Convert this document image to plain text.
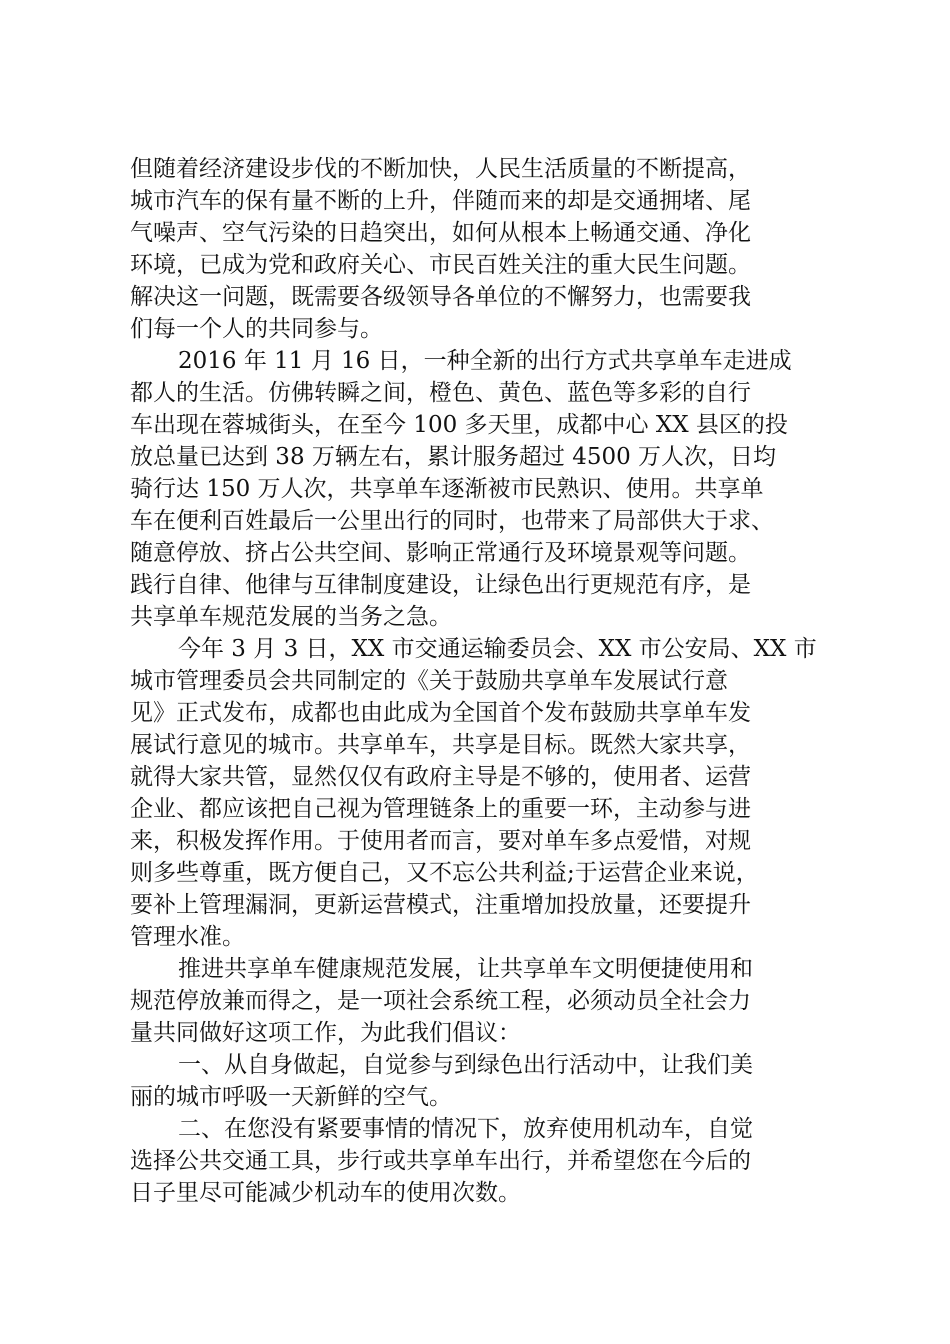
但随着经济建设步伐的不断加快，人民生活质量的不断提高，
城市汽车的保有量不断的上升，伴随而来的却是交通拥堵、尾
气噪声、空气污染的日趋突出，如何从根本上畅通交通、净化
环境，已成为党和政府关心、市民百姓关注的重大民生问题。
解决这一问题，既需要各级领导各单位的不懈努力，也需要我
们每一个人的共同参与。
2016 年 11 月 16 日，一种全新的出行方式共享单车走进成
都人的生活。仿佛转瞬之间，橙色、黄色、蓝色等多彩的自行
车出现在蓉城街头，在至今 100 多天里，成都中心 XX 县区的投
放总量已达到 38 万辆左右，累计服务超过 4500 万人次，日均
骑行达 150 万人次，共享单车逐渐被市民熟识、使用。共享单
车在便利百姓最后一公里出行的同时，也带来了局部供大于求、
随意停放、挤占公共空间、影响正常通行及环境景观等问题。
践行自律、他律与互律制度建设，让绿色出行更规范有序，是
共享单车规范发展的当务之急。
今年 3 月 3 日，XX 市交通运输委员会、XX 市公安局、XX 市
城市管理委员会共同制定的《关于鼓励共享单车发展试行意
见》正式发布，成都也由此成为全国首个发布鼓励共享单车发
展试行意见的城市。共享单车，共享是目标。既然大家共享，
就得大家共管，显然仅仅有政府主导是不够的，使用者、运营
企业、都应该把自己视为管理链条上的重要一环，主动参与进
来，积极发挥作用。于使用者而言，要对单车多点爱惜，对规
则多些尊重，既方便自己，又不忘公共利益;于运营企业来说，
要补上管理漏洞，更新运营模式，注重增加投放量，还要提升
管理水准。
推进共享单车健康规范发展，让共享单车文明便捷使用和
规范停放兼而得之，是一项社会系统工程，必须动员全社会力
量共同做好这项工作，为此我们倡议：
一、从自身做起，自觉参与到绿色出行活动中，让我们美
丽的城市呼吸一天新鲜的空气。
二、在您没有紧要事情的情况下，放弃使用机动车，自觉
选择公共交通工具，步行或共享单车出行，并希望您在今后的
日子里尽可能减少机动车的使用次数。
